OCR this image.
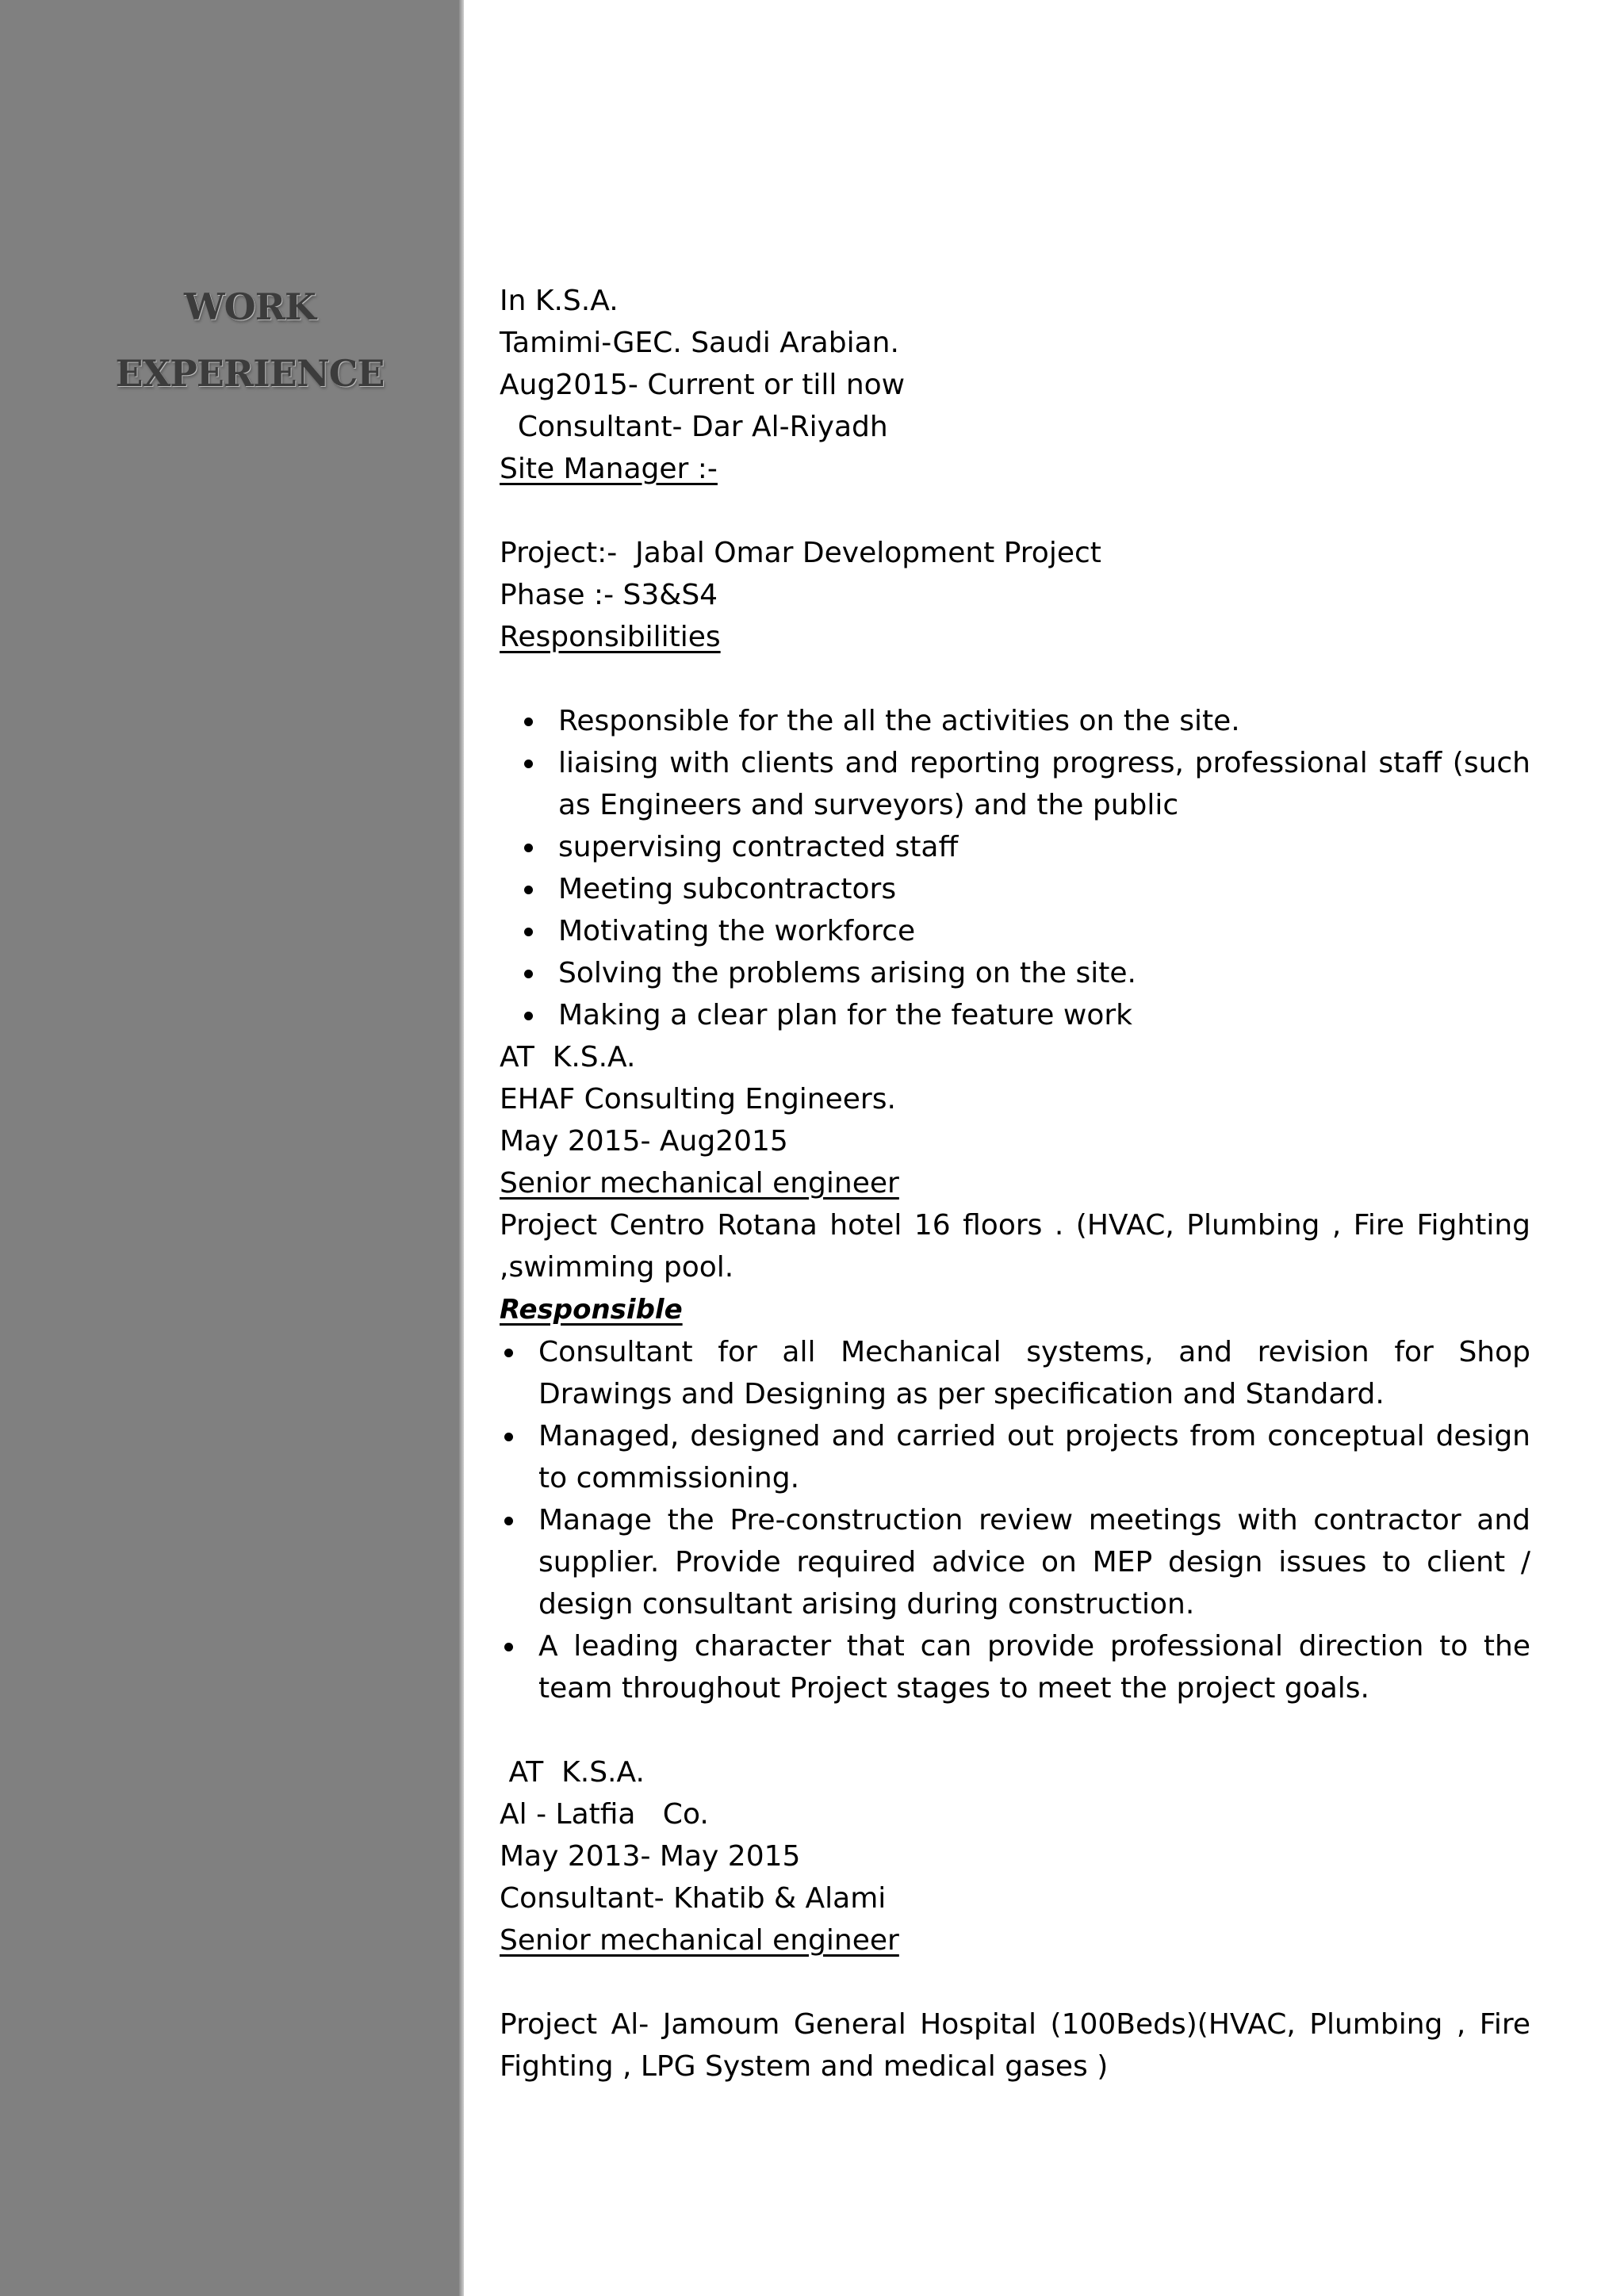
WORK
EXPERIENCE

In K.S.A.

Tamimi-GEC. Saudi Arabian.

Aug2015- Current or till now

Consultant- Dar Al-Riyadh

Site Manager :-

Project:-  Jabal Omar Development Project

Phase :- S3&S4

Responsibilities

Responsible for the all the activities on the site.
liaising with clients and reporting progress, professional staff (such as Engineers and surveyors) and the public
supervising contracted staff
Meeting subcontractors
Motivating the workforce
Solving the problems arising on the site.
Making a clear plan for the feature work

AT  K.S.A.

EHAF Consulting Engineers.

May 2015- Aug2015

Senior mechanical engineer

Project Centro Rotana hotel 16 floors . (HVAC, Plumbing , Fire Fighting ,swimming pool.

Responsible

Consultant for all Mechanical systems, and revision for Shop Drawings and Designing as per specification and Standard.
Managed, designed and carried out projects from conceptual design to commissioning.
Manage the Pre-construction review meetings with contractor and supplier. Provide required advice on MEP design issues to client / design consultant arising during construction.
A leading character that can provide professional direction to the team throughout Project stages to meet the project goals.

AT  K.S.A.

Al - Latfia   Co.

May 2013- May 2015

Consultant- Khatib & Alami

Senior mechanical engineer

Project Al- Jamoum General Hospital (100Beds)(HVAC, Plumbing , Fire Fighting , LPG System and medical gases )
